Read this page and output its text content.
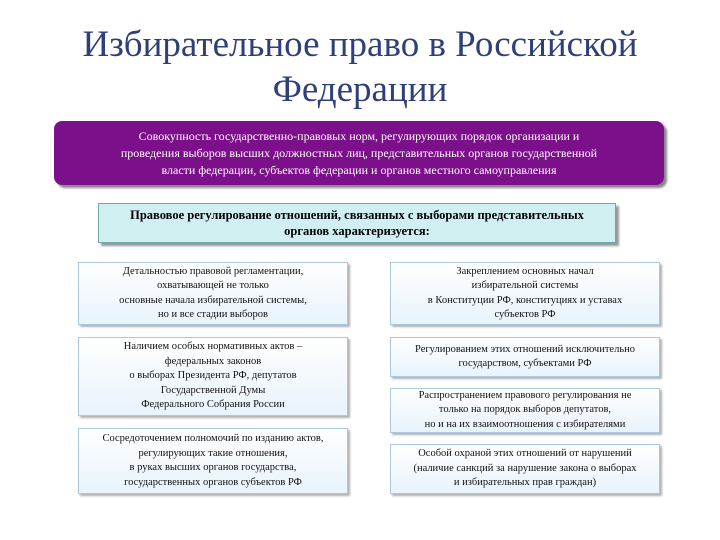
Избирательное право в Российской
Федерации
Совокупность государственно-правовых норм, регулирующих порядок организации и
проведения выборов высших должностных лиц, представительных органов государственной
власти федерации, субъектов федерации и органов местного самоуправления
Правовое регулирование отношений, связанных с выборами представительных
органов характеризуется:
Детальностью правовой регламентации,
охватывающей не только
основные начала избирательной системы,
но и все стадии выборов
Наличием особых нормативных актов –
федеральных законов
о выборах Президента РФ, депутатов
Государственной Думы
Федерального Собрания России
Сосредоточением полномочий по изданию актов,
регулирующих такие отношения,
в руках высших органов государства,
государственных органов субъектов РФ
Закреплением основных начал
избирательной системы
в Конституции РФ, конституциях и уставах
субъектов РФ
Регулированием этих отношений исключительно
государством, субъектами РФ
Распространением правового регулирования не
только на порядок выборов депутатов,
но и на их взаимоотношения с избирателями
Особой охраной этих отношений от нарушений
(наличие санкций за нарушение закона о выборах
и избирательных прав граждан)
